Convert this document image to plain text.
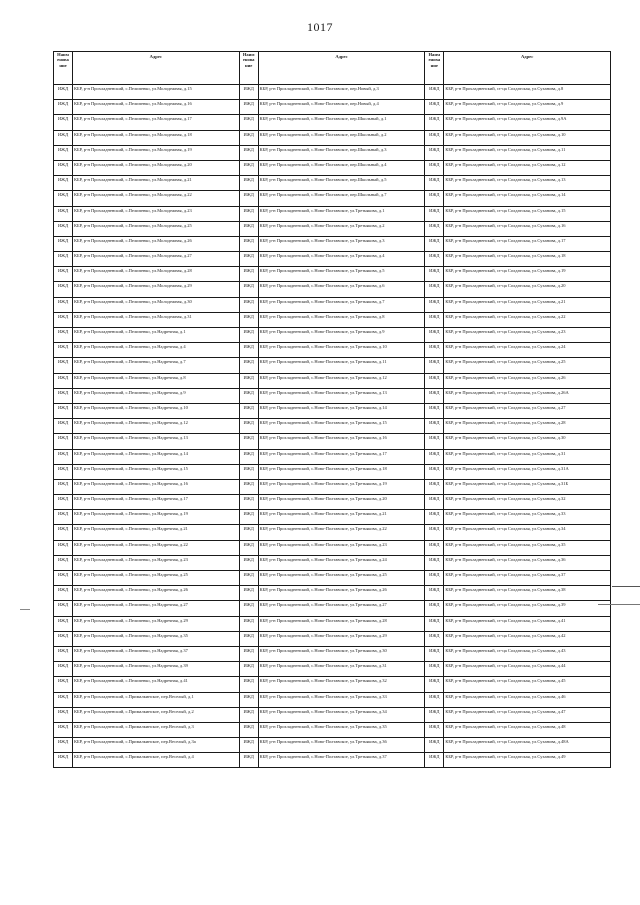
1017
Наим енова ние	Адрес	Наим енова ние	Адрес	Наим енова ние	Адрес
ИЖД	КБР, р-н Прохладненский, с.Пелипенко, ул.Молодежная, д.15	ИЖД	КБР, р-н Прохладненский, с.Ново-Полтавское, пер.Новый, д.3	ИЖД	КБР, р-н Прохладненский, ст-ца Солдатская, ул.Суханова, д.8
ИЖД	КБР, р-н Прохладненский, с.Пелипенко, ул.Молодежная, д.16	ИЖД	КБР, р-н Прохладненский, с.Ново-Полтавское, пер.Новый, д.4	ИЖД	КБР, р-н Прохладненский, ст-ца Солдатская, ул.Суханова, д.9
ИЖД	КБР, р-н Прохладненский, с.Пелипенко, ул.Молодежная, д.17	ИЖД	КБР, р-н Прохладненский, с.Ново-Полтавское, пер.Школьный, д.1	ИЖД	КБР, р-н Прохладненский, ст-ца Солдатская, ул.Суханова, д.9А
ИЖД	КБР, р-н Прохладненский, с.Пелипенко, ул.Молодежная, д.18	ИЖД	КБР, р-н Прохладненский, с.Ново-Полтавское, пер.Школьный, д.2	ИЖД	КБР, р-н Прохладненский, ст-ца Солдатская, ул.Суханова, д.10
ИЖД	КБР, р-н Прохладненский, с.Пелипенко, ул.Молодежная, д.19	ИЖД	КБР, р-н Прохладненский, с.Ново-Полтавское, пер.Школьный, д.3	ИЖД	КБР, р-н Прохладненский, ст-ца Солдатская, ул.Суханова, д.11
ИЖД	КБР, р-н Прохладненский, с.Пелипенко, ул.Молодежная, д.20	ИЖД	КБР, р-н Прохладненский, с.Ново-Полтавское, пер.Школьный, д.4	ИЖД	КБР, р-н Прохладненский, ст-ца Солдатская, ул.Суханова, д.12
ИЖД	КБР, р-н Прохладненский, с.Пелипенко, ул.Молодежная, д.21	ИЖД	КБР, р-н Прохладненский, с.Ново-Полтавское, пер.Школьный, д.5	ИЖД	КБР, р-н Прохладненский, ст-ца Солдатская, ул.Суханова, д.13
ИЖД	КБР, р-н Прохладненский, с.Пелипенко, ул.Молодежная, д.22	ИЖД	КБР, р-н Прохладненский, с.Ново-Полтавское, пер.Школьный, д.7	ИЖД	КБР, р-н Прохладненский, ст-ца Солдатская, ул.Суханова, д.14
ИЖД	КБР, р-н Прохладненский, с.Пелипенко, ул.Молодежная, д.23	ИЖД	КБР, р-н Прохладненский, с.Ново-Полтавское, ул.Третьякова, д.1	ИЖД	КБР, р-н Прохладненский, ст-ца Солдатская, ул.Суханова, д.15
ИЖД	КБР, р-н Прохладненский, с.Пелипенко, ул.Молодежная, д.25	ИЖД	КБР, р-н Прохладненский, с.Ново-Полтавское, ул.Третьякова, д.2	ИЖД	КБР, р-н Прохладненский, ст-ца Солдатская, ул.Суханова, д.16
ИЖД	КБР, р-н Прохладненский, с.Пелипенко, ул.Молодежная, д.26	ИЖД	КБР, р-н Прохладненский, с.Ново-Полтавское, ул.Третьякова, д.3	ИЖД	КБР, р-н Прохладненский, ст-ца Солдатская, ул.Суханова, д.17
ИЖД	КБР, р-н Прохладненский, с.Пелипенко, ул.Молодежная, д.27	ИЖД	КБР, р-н Прохладненский, с.Ново-Полтавское, ул.Третьякова, д.4	ИЖД	КБР, р-н Прохладненский, ст-ца Солдатская, ул.Суханова, д.18
ИЖД	КБР, р-н Прохладненский, с.Пелипенко, ул.Молодежная, д.28	ИЖД	КБР, р-н Прохладненский, с.Ново-Полтавское, ул.Третьякова, д.5	ИЖД	КБР, р-н Прохладненский, ст-ца Солдатская, ул.Суханова, д.19
ИЖД	КБР, р-н Прохладненский, с.Пелипенко, ул.Молодежная, д.29	ИЖД	КБР, р-н Прохладненский, с.Ново-Полтавское, ул.Третьякова, д.6	ИЖД	КБР, р-н Прохладненский, ст-ца Солдатская, ул.Суханова, д.20
ИЖД	КБР, р-н Прохладненский, с.Пелипенко, ул.Молодежная, д.30	ИЖД	КБР, р-н Прохладненский, с.Ново-Полтавское, ул.Третьякова, д.7	ИЖД	КБР, р-н Прохладненский, ст-ца Солдатская, ул.Суханова, д.21
ИЖД	КБР, р-н Прохладненский, с.Пелипенко, ул.Молодежная, д.31	ИЖД	КБР, р-н Прохладненский, с.Ново-Полтавское, ул.Третьякова, д.8	ИЖД	КБР, р-н Прохладненский, ст-ца Солдатская, ул.Суханова, д.22
ИЖД	КБР, р-н Прохладненский, с.Пелипенко, ул.Надречная, д.1	ИЖД	КБР, р-н Прохладненский, с.Ново-Полтавское, ул.Третьякова, д.9	ИЖД	КБР, р-н Прохладненский, ст-ца Солдатская, ул.Суханова, д.23
ИЖД	КБР, р-н Прохладненский, с.Пелипенко, ул.Надречная, д.4	ИЖД	КБР, р-н Прохладненский, с.Ново-Полтавское, ул.Третьякова, д.10	ИЖД	КБР, р-н Прохладненский, ст-ца Солдатская, ул.Суханова, д.24
ИЖД	КБР, р-н Прохладненский, с.Пелипенко, ул.Надречная, д.7	ИЖД	КБР, р-н Прохладненский, с.Ново-Полтавское, ул.Третьякова, д.11	ИЖД	КБР, р-н Прохладненский, ст-ца Солдатская, ул.Суханова, д.25
ИЖД	КБР, р-н Прохладненский, с.Пелипенко, ул.Надречная, д.8	ИЖД	КБР, р-н Прохладненский, с.Ново-Полтавское, ул.Третьякова, д.12	ИЖД	КБР, р-н Прохладненский, ст-ца Солдатская, ул.Суханова, д.26
ИЖД	КБР, р-н Прохладненский, с.Пелипенко, ул.Надречная, д.9	ИЖД	КБР, р-н Прохладненский, с.Ново-Полтавское, ул.Третьякова, д.13	ИЖД	КБР, р-н Прохладненский, ст-ца Солдатская, ул.Суханова, д.26А
ИЖД	КБР, р-н Прохладненский, с.Пелипенко, ул.Надречная, д.10	ИЖД	КБР, р-н Прохладненский, с.Ново-Полтавское, ул.Третьякова, д.14	ИЖД	КБР, р-н Прохладненский, ст-ца Солдатская, ул.Суханова, д.27
ИЖД	КБР, р-н Прохладненский, с.Пелипенко, ул.Надречная, д.12	ИЖД	КБР, р-н Прохладненский, с.Ново-Полтавское, ул.Третьякова, д.15	ИЖД	КБР, р-н Прохладненский, ст-ца Солдатская, ул.Суханова, д.28
ИЖД	КБР, р-н Прохладненский, с.Пелипенко, ул.Надречная, д.13	ИЖД	КБР, р-н Прохладненский, с.Ново-Полтавское, ул.Третьякова, д.16	ИЖД	КБР, р-н Прохладненский, ст-ца Солдатская, ул.Суханова, д.30
ИЖД	КБР, р-н Прохладненский, с.Пелипенко, ул.Надречная, д.14	ИЖД	КБР, р-н Прохладненский, с.Ново-Полтавское, ул.Третьякова, д.17	ИЖД	КБР, р-н Прохладненский, ст-ца Солдатская, ул.Суханова, д.31
ИЖД	КБР, р-н Прохладненский, с.Пелипенко, ул.Надречная, д.15	ИЖД	КБР, р-н Прохладненский, с.Ново-Полтавское, ул.Третьякова, д.18	ИЖД	КБР, р-н Прохладненский, ст-ца Солдатская, ул.Суханова, д.31А
ИЖД	КБР, р-н Прохладненский, с.Пелипенко, ул.Надречная, д.16	ИЖД	КБР, р-н Прохладненский, с.Ново-Полтавское, ул.Третьякова, д.19	ИЖД	КБР, р-н Прохладненский, ст-ца Солдатская, ул.Суханова, д.31Б
ИЖД	КБР, р-н Прохладненский, с.Пелипенко, ул.Надречная, д.17	ИЖД	КБР, р-н Прохладненский, с.Ново-Полтавское, ул.Третьякова, д.20	ИЖД	КБР, р-н Прохладненский, ст-ца Солдатская, ул.Суханова, д.32
ИЖД	КБР, р-н Прохладненский, с.Пелипенко, ул.Надречная, д.19	ИЖД	КБР, р-н Прохладненский, с.Ново-Полтавское, ул.Третьякова, д.21	ИЖД	КБР, р-н Прохладненский, ст-ца Солдатская, ул.Суханова, д.33
ИЖД	КБР, р-н Прохладненский, с.Пелипенко, ул.Надречная, д.21	ИЖД	КБР, р-н Прохладненский, с.Ново-Полтавское, ул.Третьякова, д.22	ИЖД	КБР, р-н Прохладненский, ст-ца Солдатская, ул.Суханова, д.34
ИЖД	КБР, р-н Прохладненский, с.Пелипенко, ул.Надречная, д.22	ИЖД	КБР, р-н Прохладненский, с.Ново-Полтавское, ул.Третьякова, д.23	ИЖД	КБР, р-н Прохладненский, ст-ца Солдатская, ул.Суханова, д.35
ИЖД	КБР, р-н Прохладненский, с.Пелипенко, ул.Надречная, д.23	ИЖД	КБР, р-н Прохладненский, с.Ново-Полтавское, ул.Третьякова, д.24	ИЖД	КБР, р-н Прохладненский, ст-ца Солдатская, ул.Суханова, д.36
ИЖД	КБР, р-н Прохладненский, с.Пелипенко, ул.Надречная, д.25	ИЖД	КБР, р-н Прохладненский, с.Ново-Полтавское, ул.Третьякова, д.25	ИЖД	КБР, р-н Прохладненский, ст-ца Солдатская, ул.Суханова, д.37
ИЖД	КБР, р-н Прохладненский, с.Пелипенко, ул.Надречная, д.26	ИЖД	КБР, р-н Прохладненский, с.Ново-Полтавское, ул.Третьякова, д.26	ИЖД	КБР, р-н Прохладненский, ст-ца Солдатская, ул.Суханова, д.38
ИЖД	КБР, р-н Прохладненский, с.Пелипенко, ул.Надречная, д.27	ИЖД	КБР, р-н Прохладненский, с.Ново-Полтавское, ул.Третьякова, д.27	ИЖД	КБР, р-н Прохладненский, ст-ца Солдатская, ул.Суханова, д.39
ИЖД	КБР, р-н Прохладненский, с.Пелипенко, ул.Надречная, д.29	ИЖД	КБР, р-н Прохладненский, с.Ново-Полтавское, ул.Третьякова, д.28	ИЖД	КБР, р-н Прохладненский, ст-ца Солдатская, ул.Суханова, д.41
ИЖД	КБР, р-н Прохладненский, с.Пелипенко, ул.Надречная, д.35	ИЖД	КБР, р-н Прохладненский, с.Ново-Полтавское, ул.Третьякова, д.29	ИЖД	КБР, р-н Прохладненский, ст-ца Солдатская, ул.Суханова, д.42
ИЖД	КБР, р-н Прохладненский, с.Пелипенко, ул.Надречная, д.37	ИЖД	КБР, р-н Прохладненский, с.Ново-Полтавское, ул.Третьякова, д.30	ИЖД	КБР, р-н Прохладненский, ст-ца Солдатская, ул.Суханова, д.43
ИЖД	КБР, р-н Прохладненский, с.Пелипенко, ул.Надречная, д.39	ИЖД	КБР, р-н Прохладненский, с.Ново-Полтавское, ул.Третьякова, д.31	ИЖД	КБР, р-н Прохладненский, ст-ца Солдатская, ул.Суханова, д.44
ИЖД	КБР, р-н Прохладненский, с.Пелипенко, ул.Надречная, д.41	ИЖД	КБР, р-н Прохладненский, с.Ново-Полтавское, ул.Третьякова, д.32	ИЖД	КБР, р-н Прохладненский, ст-ца Солдатская, ул.Суханова, д.45
ИЖД	КБР, р-н Прохладненский, с.Прималкинское, пер.Веселый, д.1	ИЖД	КБР, р-н Прохладненский, с.Ново-Полтавское, ул.Третьякова, д.33	ИЖД	КБР, р-н Прохладненский, ст-ца Солдатская, ул.Суханова, д.46
ИЖД	КБР, р-н Прохладненский, с.Прималкинское, пер.Веселый, д.2	ИЖД	КБР, р-н Прохладненский, с.Ново-Полтавское, ул.Третьякова, д.34	ИЖД	КБР, р-н Прохладненский, ст-ца Солдатская, ул.Суханова, д.47
ИЖД	КБР, р-н Прохладненский, с.Прималкинское, пер.Веселый, д.3	ИЖД	КБР, р-н Прохладненский, с.Ново-Полтавское, ул.Третьякова, д.35	ИЖД	КБР, р-н Прохладненский, ст-ца Солдатская, ул.Суханова, д.48
ИЖД	КБР, р-н Прохладненский, с.Прималкинское, пер.Веселый, д.3а	ИЖД	КБР, р-н Прохладненский, с.Ново-Полтавское, ул.Третьякова, д.36	ИЖД	КБР, р-н Прохладненский, ст-ца Солдатская, ул.Суханова, д.48А
ИЖД	КБР, р-н Прохладненский, с.Прималкинское, пер.Веселый, д.4	ИЖД	КБР, р-н Прохладненский, с.Ново-Полтавское, ул.Третьякова, д.37	ИЖД	КБР, р-н Прохладненский, ст-ца Солдатская, ул.Суханова, д.49
